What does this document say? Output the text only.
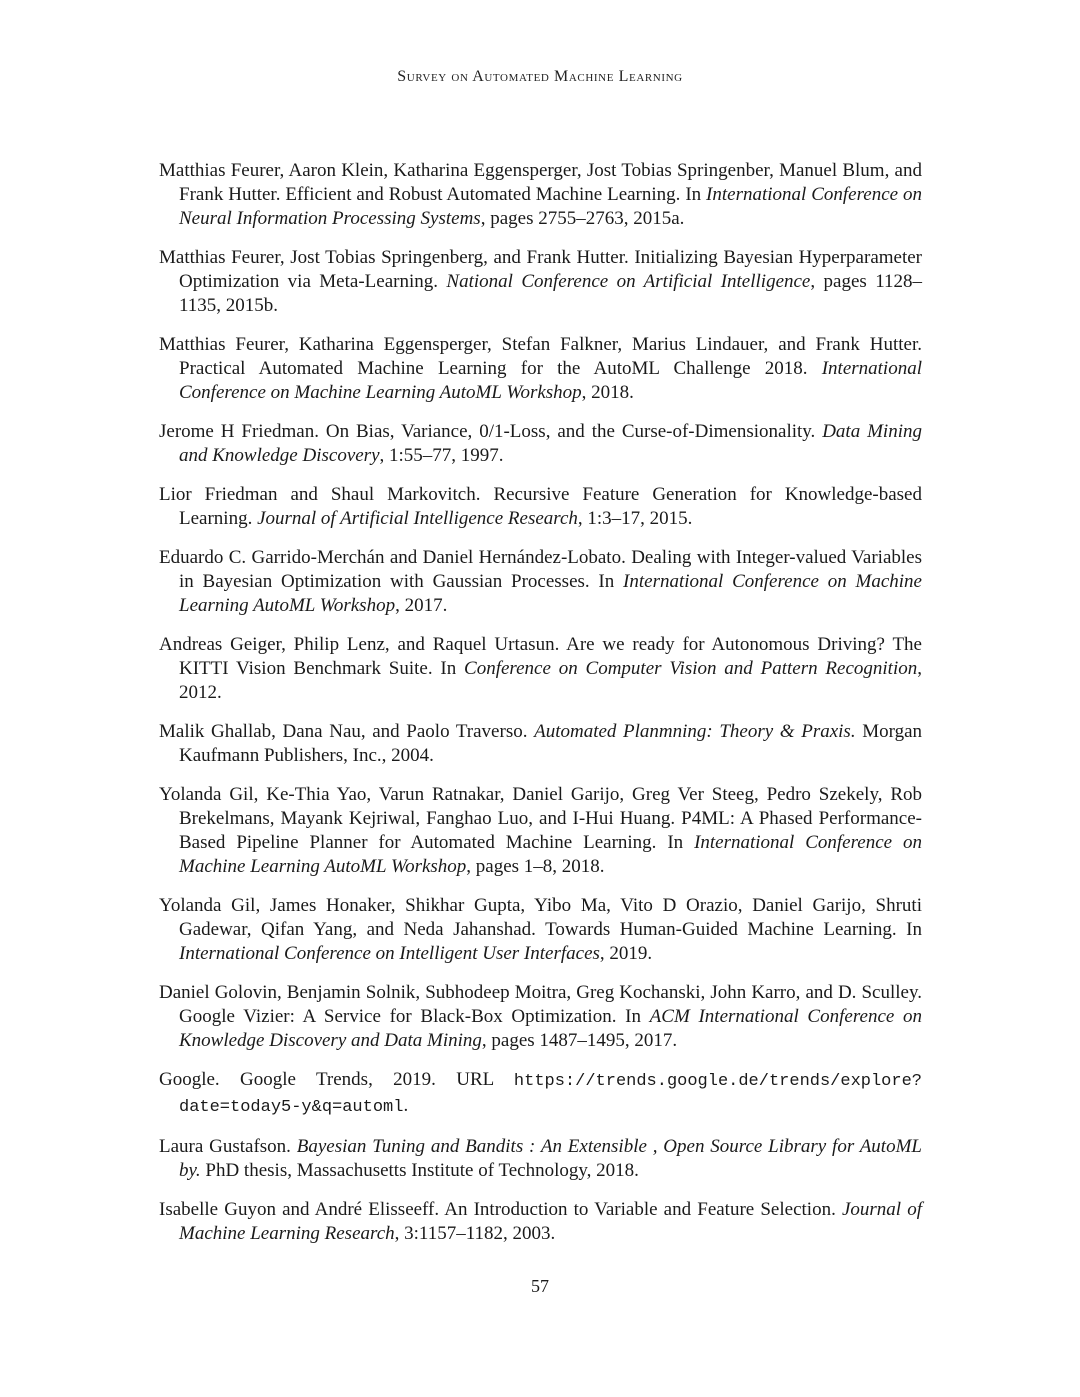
Survey on Automated Machine Learning
Matthias Feurer, Aaron Klein, Katharina Eggensperger, Jost Tobias Springenber, Manuel Blum, and Frank Hutter. Efficient and Robust Automated Machine Learning. In International Conference on Neural Information Processing Systems, pages 2755–2763, 2015a.
Matthias Feurer, Jost Tobias Springenberg, and Frank Hutter. Initializing Bayesian Hyperparameter Optimization via Meta-Learning. National Conference on Artificial Intelligence, pages 1128–1135, 2015b.
Matthias Feurer, Katharina Eggensperger, Stefan Falkner, Marius Lindauer, and Frank Hutter. Practical Automated Machine Learning for the AutoML Challenge 2018. International Conference on Machine Learning AutoML Workshop, 2018.
Jerome H Friedman. On Bias, Variance, 0/1-Loss, and the Curse-of-Dimensionality. Data Mining and Knowledge Discovery, 1:55–77, 1997.
Lior Friedman and Shaul Markovitch. Recursive Feature Generation for Knowledge-based Learning. Journal of Artificial Intelligence Research, 1:3–17, 2015.
Eduardo C. Garrido-Merchán and Daniel Hernández-Lobato. Dealing with Integer-valued Variables in Bayesian Optimization with Gaussian Processes. In International Conference on Machine Learning AutoML Workshop, 2017.
Andreas Geiger, Philip Lenz, and Raquel Urtasun. Are we ready for Autonomous Driving? The KITTI Vision Benchmark Suite. In Conference on Computer Vision and Pattern Recognition, 2012.
Malik Ghallab, Dana Nau, and Paolo Traverso. Automated Planmning: Theory & Praxis. Morgan Kaufmann Publishers, Inc., 2004.
Yolanda Gil, Ke-Thia Yao, Varun Ratnakar, Daniel Garijo, Greg Ver Steeg, Pedro Szekely, Rob Brekelmans, Mayank Kejriwal, Fanghao Luo, and I-Hui Huang. P4ML: A Phased Performance-Based Pipeline Planner for Automated Machine Learning. In International Conference on Machine Learning AutoML Workshop, pages 1–8, 2018.
Yolanda Gil, James Honaker, Shikhar Gupta, Yibo Ma, Vito D Orazio, Daniel Garijo, Shruti Gadewar, Qifan Yang, and Neda Jahanshad. Towards Human-Guided Machine Learning. In International Conference on Intelligent User Interfaces, 2019.
Daniel Golovin, Benjamin Solnik, Subhodeep Moitra, Greg Kochanski, John Karro, and D. Sculley. Google Vizier: A Service for Black-Box Optimization. In ACM International Conference on Knowledge Discovery and Data Mining, pages 1487–1495, 2017.
Google. Google Trends, 2019. URL https://trends.google.de/trends/explore?date=today5-y&q=automl.
Laura Gustafson. Bayesian Tuning and Bandits : An Extensible , Open Source Library for AutoML by. PhD thesis, Massachusetts Institute of Technology, 2018.
Isabelle Guyon and André Elisseeff. An Introduction to Variable and Feature Selection. Journal of Machine Learning Research, 3:1157–1182, 2003.
57
